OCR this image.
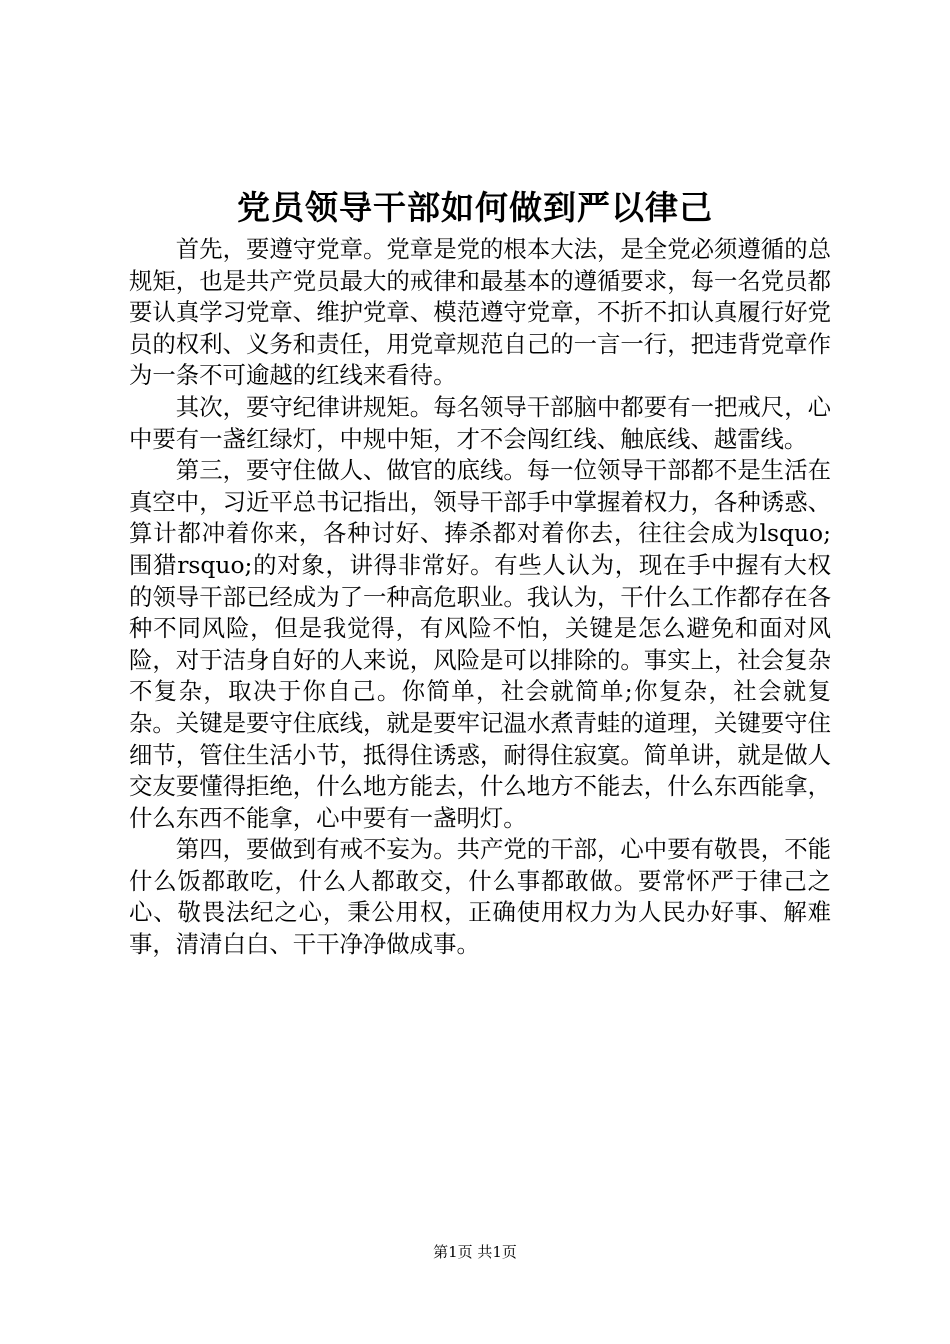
党员领导干部如何做到严以律己

首先，要遵守党章。党章是党的根本大法，是全党必须遵循的总规矩，也是共产党员最大的戒律和最基本的遵循要求，每一名党员都要认真学习党章、维护党章、模范遵守党章，不折不扣认真履行好党员的权利、义务和责任，用党章规范自己的一言一行，把违背党章作为一条不可逾越的红线来看待。

其次，要守纪律讲规矩。每名领导干部脑中都要有一把戒尺，心中要有一盏红绿灯，中规中矩，才不会闯红线、触底线、越雷线。

第三，要守住做人、做官的底线。每一位领导干部都不是生活在真空中，习近平总书记指出，领导干部手中掌握着权力，各种诱惑、算计都冲着你来，各种讨好、捧杀都对着你去，往往会成为lsquo;围猎rsquo;的对象，讲得非常好。有些人认为，现在手中握有大权的领导干部已经成为了一种高危职业。我认为，干什么工作都存在各种不同风险，但是我觉得，有风险不怕，关键是怎么避免和面对风险，对于洁身自好的人来说，风险是可以排除的。事实上，社会复杂不复杂，取决于你自己。你简单，社会就简单;你复杂，社会就复杂。关键是要守住底线，就是要牢记温水煮青蛙的道理，关键要守住细节，管住生活小节，抵得住诱惑，耐得住寂寞。简单讲，就是做人交友要懂得拒绝，什么地方能去，什么地方不能去，什么东西能拿，什么东西不能拿，心中要有一盏明灯。

第四，要做到有戒不妄为。共产党的干部，心中要有敬畏，不能什么饭都敢吃，什么人都敢交，什么事都敢做。要常怀严于律己之心、敬畏法纪之心，秉公用权，正确使用权力为人民办好事、解难事，清清白白、干干净净做成事。

第1页 共1页
